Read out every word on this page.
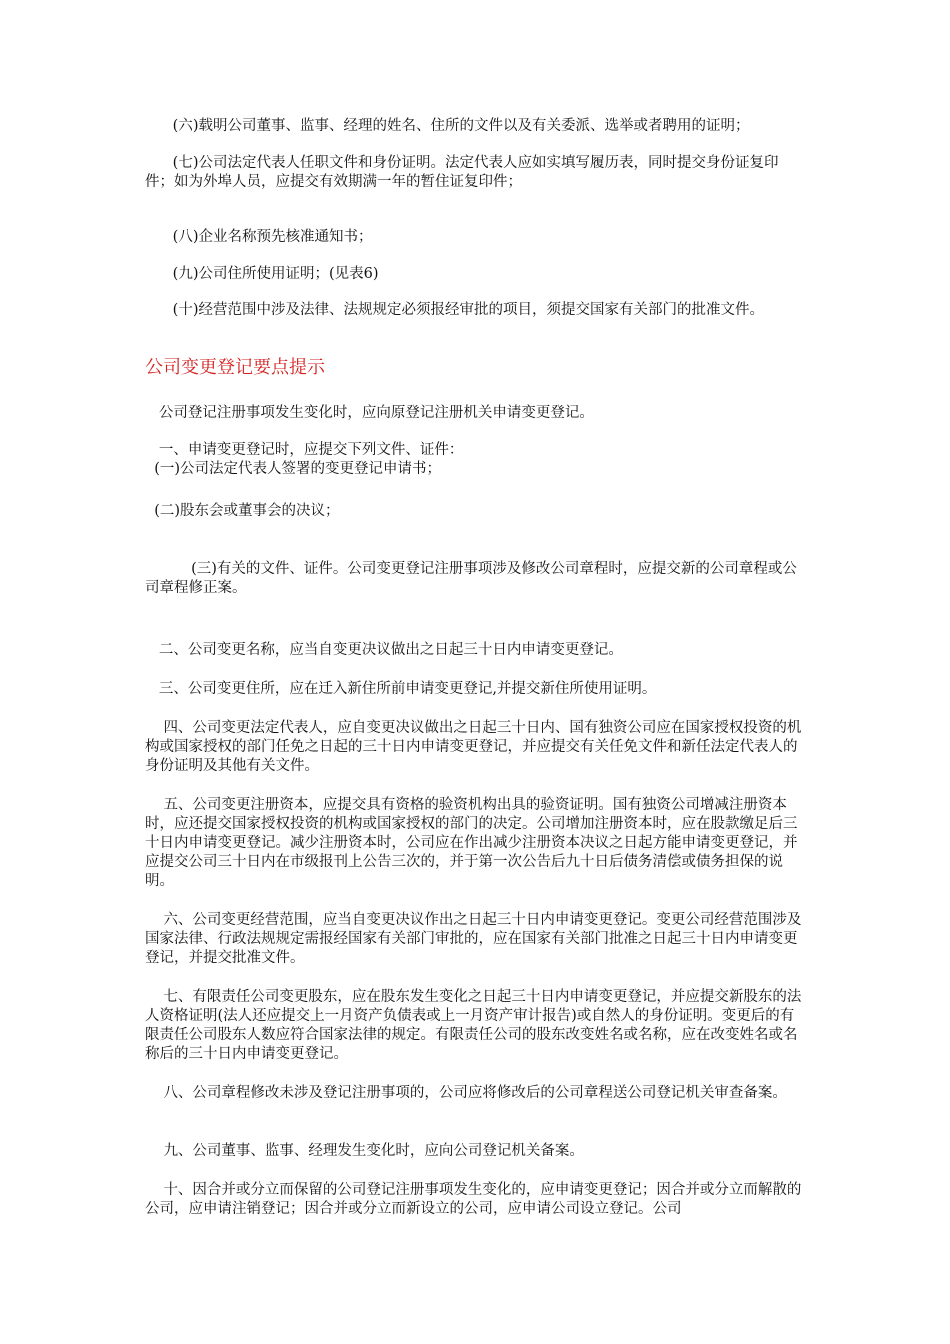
(六)载明公司董事、监事、经理的姓名、住所的文件以及有关委派、选举或者聘用的证明；

(七)公司法定代表人任职文件和身份证明。法定代表人应如实填写履历表，同时提交身份证复印件；如为外埠人员，应提交有效期满一年的暂住证复印件；

(八)企业名称预先核准通知书；

(九)公司住所使用证明；(见表6)

(十)经营范围中涉及法律、法规规定必须报经审批的项目，须提交国家有关部门的批准文件。

公司变更登记要点提示

公司登记注册事项发生变化时，应向原登记注册机关申请变更登记。

一、申请变更登记时，应提交下列文件、证件：

(一)公司法定代表人签署的变更登记申请书；

(二)股东会或董事会的决议；

(三)有关的文件、证件。公司变更登记注册事项涉及修改公司章程时，应提交新的公司章程或公司章程修正案。

二、公司变更名称，应当自变更决议做出之日起三十日内申请变更登记。

三、公司变更住所，应在迁入新住所前申请变更登记,并提交新住所使用证明。

四、公司变更法定代表人，应自变更决议做出之日起三十日内、国有独资公司应在国家授权投资的机构或国家授权的部门任免之日起的三十日内申请变更登记，并应提交有关任免文件和新任法定代表人的身份证明及其他有关文件。

五、公司变更注册资本，应提交具有资格的验资机构出具的验资证明。国有独资公司增减注册资本时，应还提交国家授权投资的机构或国家授权的部门的决定。公司增加注册资本时，应在股款缴足后三十日内申请变更登记。减少注册资本时，公司应在作出减少注册资本决议之日起方能申请变更登记，并应提交公司三十日内在市级报刊上公告三次的，并于第一次公告后九十日后债务清偿或债务担保的说明。

六、公司变更经营范围，应当自变更决议作出之日起三十日内申请变更登记。变更公司经营范围涉及国家法律、行政法规规定需报经国家有关部门审批的，应在国家有关部门批准之日起三十日内申请变更登记，并提交批准文件。

七、有限责任公司变更股东，应在股东发生变化之日起三十日内申请变更登记，并应提交新股东的法人资格证明(法人还应提交上一月资产负债表或上一月资产审计报告)或自然人的身份证明。变更后的有限责任公司股东人数应符合国家法律的规定。有限责任公司的股东改变姓名或名称，应在改变姓名或名称后的三十日内申请变更登记。

八、公司章程修改未涉及登记注册事项的，公司应将修改后的公司章程送公司登记机关审查备案。

九、公司董事、监事、经理发生变化时，应向公司登记机关备案。

十、因合并或分立而保留的公司登记注册事项发生变化的，应申请变更登记；因合并或分立而解散的公司，应申请注销登记；因合并或分立而新设立的公司，应申请公司设立登记。公司
